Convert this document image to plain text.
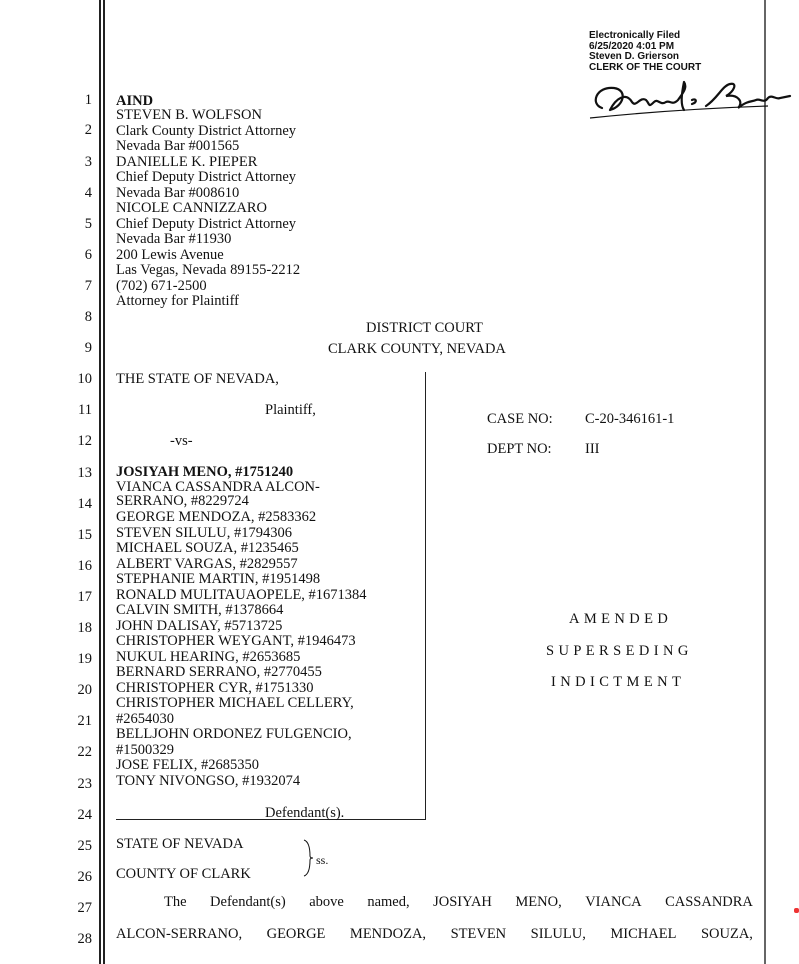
Electronically Filed
6/25/2020 4:01 PM
Steven D. Grierson
CLERK OF THE COURT
1
2
3
4
5
6
7
8
9
10
11
12
13
14
15
16
17
18
19
20
21
22
23
24
25
26
27
28
AIND
STEVEN B. WOLFSON
Clark County District Attorney
Nevada Bar #001565
DANIELLE K. PIEPER
Chief Deputy District Attorney
Nevada Bar #008610
NICOLE CANNIZZARO
Chief Deputy District Attorney
Nevada Bar #11930
200 Lewis Avenue
Las Vegas, Nevada 89155-2212
(702) 671-2500
Attorney for Plaintiff
DISTRICT COURT
CLARK COUNTY, NEVADA
THE STATE OF NEVADA,
Plaintiff,
-vs-
JOSIYAH MENO, #1751240
VIANCA CASSANDRA ALCON-
SERRANO, #8229724
GEORGE MENDOZA, #2583362
STEVEN SILULU, #1794306
MICHAEL SOUZA, #1235465
ALBERT VARGAS, #2829557
STEPHANIE MARTIN, #1951498
RONALD MULITAUAOPELE, #1671384
CALVIN SMITH, #1378664
JOHN DALISAY, #5713725
CHRISTOPHER WEYGANT, #1946473
NUKUL HEARING, #2653685
BERNARD SERRANO, #2770455
CHRISTOPHER CYR, #1751330
CHRISTOPHER MICHAEL CELLERY,
#2654030
BELLJOHN ORDONEZ FULGENCIO,
#1500329
JOSE FELIX, #2685350
TONY NIVONGSO, #1932074
Defendant(s).
CASE NO: C-20-346161-1
DEPT NO: III
AMENDED
SUPERSEDING
INDICTMENT
STATE OF NEVADA
COUNTY OF CLARK
ss.
The Defendant(s) above named, JOSIYAH MENO, VIANCA CASSANDRA
ALCON-SERRANO, GEORGE MENDOZA, STEVEN SILULU, MICHAEL SOUZA,
